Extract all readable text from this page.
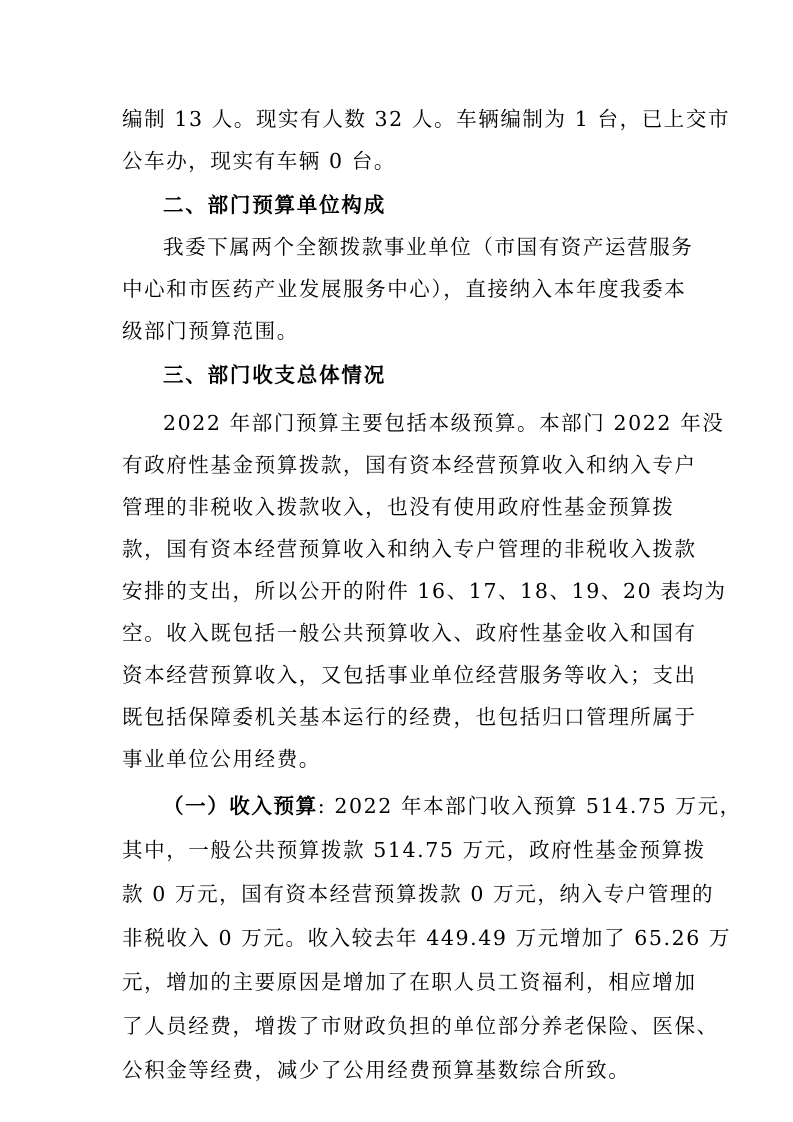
编制 13 人。现实有人数 32 人。车辆编制为 1 台，已上交市
公车办，现实有车辆 0 台。
二、部门预算单位构成
我委下属两个全额拨款事业单位（市国有资产运营服务
中心和市医药产业发展服务中心），直接纳入本年度我委本
级部门预算范围。
三、部门收支总体情况
2022 年部门预算主要包括本级预算。本部门 2022 年没
有政府性基金预算拨款，国有资本经营预算收入和纳入专户
管理的非税收入拨款收入，也没有使用政府性基金预算拨
款，国有资本经营预算收入和纳入专户管理的非税收入拨款
安排的支出，所以公开的附件 16、17、18、19、20 表均为
空。收入既包括一般公共预算收入、政府性基金收入和国有
资本经营预算收入，又包括事业单位经营服务等收入；支出
既包括保障委机关基本运行的经费，也包括归口管理所属于
事业单位公用经费。
（一）收入预算: 2022 年本部门收入预算 514.75 万元，
其中，一般公共预算拨款 514.75 万元，政府性基金预算拨
款 0 万元，国有资本经营预算拨款 0 万元，纳入专户管理的
非税收入 0 万元。收入较去年 449.49 万元增加了 65.26 万
元，增加的主要原因是增加了在职人员工资福利，相应增加
了人员经费，增拨了市财政负担的单位部分养老保险、医保、
公积金等经费，减少了公用经费预算基数综合所致。
